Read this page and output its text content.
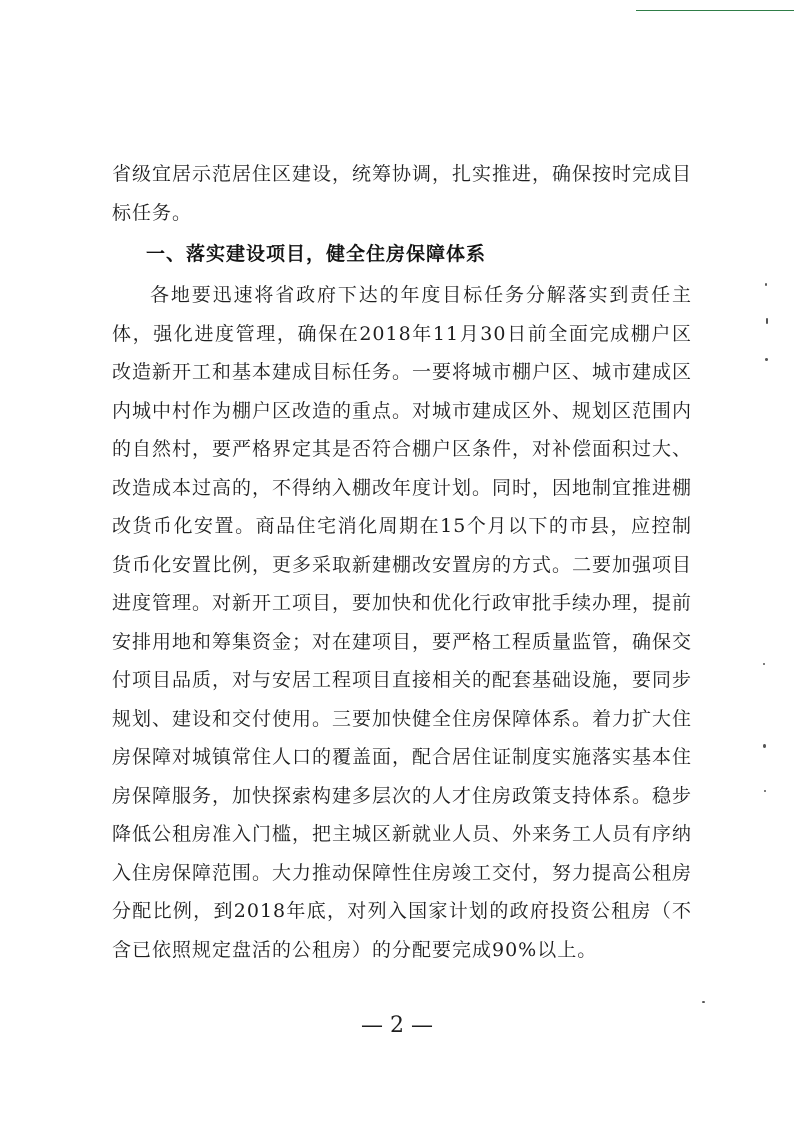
省级宜居示范居住区建设，统筹协调，扎实推进，确保按时完成目标任务。

一、落实建设项目，健全住房保障体系

各地要迅速将省政府下达的年度目标任务分解落实到责任主体，强化进度管理，确保在2018年11月30日前全面完成棚户区改造新开工和基本建成目标任务。一要将城市棚户区、城市建成区内城中村作为棚户区改造的重点。对城市建成区外、规划区范围内的自然村，要严格界定其是否符合棚户区条件，对补偿面积过大、改造成本过高的，不得纳入棚改年度计划。同时，因地制宜推进棚改货币化安置。商品住宅消化周期在15个月以下的市县，应控制货币化安置比例，更多采取新建棚改安置房的方式。二要加强项目进度管理。对新开工项目，要加快和优化行政审批手续办理，提前安排用地和筹集资金；对在建项目，要严格工程质量监管，确保交付项目品质，对与安居工程项目直接相关的配套基础设施，要同步规划、建设和交付使用。三要加快健全住房保障体系。着力扩大住房保障对城镇常住人口的覆盖面，配合居住证制度实施落实基本住房保障服务，加快探索构建多层次的人才住房政策支持体系。稳步降低公租房准入门槛，把主城区新就业人员、外来务工人员有序纳入住房保障范围。大力推动保障性住房竣工交付，努力提高公租房分配比例，到2018年底，对列入国家计划的政府投资公租房（不含已依照规定盘活的公租房）的分配要完成90%以上。

— 2 —
